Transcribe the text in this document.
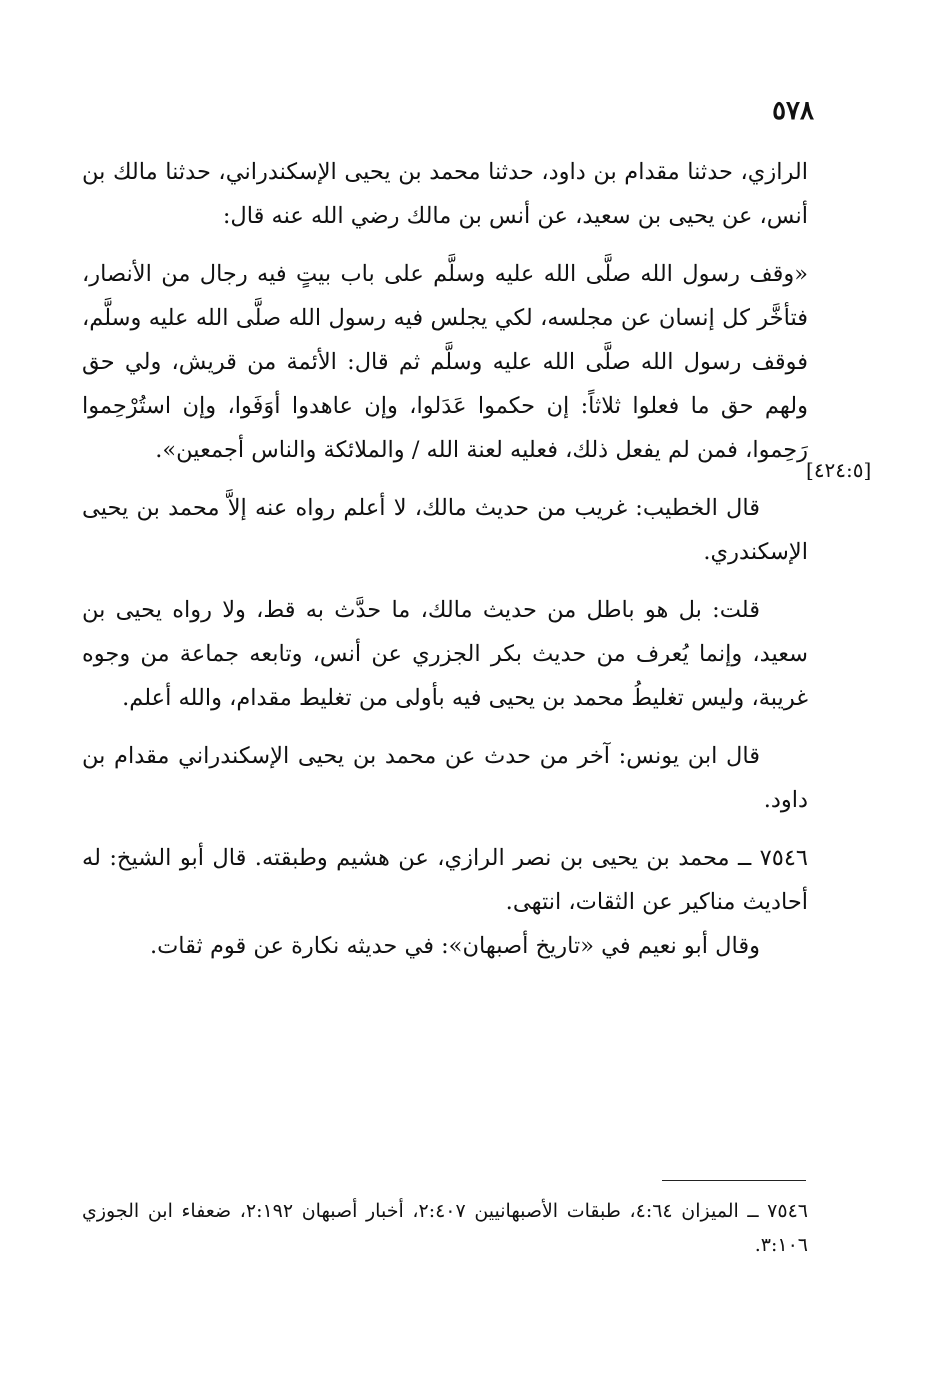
٥٧٨
[٤٢٤:٥]

الرازي، حدثنا مقدام بن داود، حدثنا محمد بن يحيى الإسكندراني، حدثنا مالك بن أنس، عن يحيى بن سعيد، عن أنس بن مالك رضي الله عنه قال:

«وقف رسول الله صلَّى الله عليه وسلَّم على باب بيتٍ فيه رجال من الأنصار، فتأخَّر كل إنسان عن مجلسه، لكي يجلس فيه رسول الله صلَّى الله عليه وسلَّم، فوقف رسول الله صلَّى الله عليه وسلَّم ثم قال: الأئمة من قريش، ولي حق ولهم حق ما فعلوا ثلاثاً: إن حكموا عَدَلوا، وإن عاهدوا أوَفَوا، وإن استُرْحِموا رَحِموا، فمن لم يفعل ذلك، فعليه لعنة الله / والملائكة والناس أجمعين».

قال الخطيب: غريب من حديث مالك، لا أعلم رواه عنه إلاَّ محمد بن يحيى الإسكندري.

قلت: بل هو باطل من حديث مالك، ما حدَّث به قط، ولا رواه يحيى بن سعيد، وإنما يُعرف من حديث بكر الجزري عن أنس، وتابعه جماعة من وجوه غريبة، وليس تغليطُ محمد بن يحيى فيه بأولى من تغليط مقدام، والله أعلم.

قال ابن يونس: آخر من حدث عن محمد بن يحيى الإسكندراني مقدام بن داود.

٧٥٤٦ ــ محمد بن يحيى بن نصر الرازي، عن هشيم وطبقته. قال أبو الشيخ: له أحاديث مناكير عن الثقات، انتهى.

وقال أبو نعيم في «تاريخ أصبهان»: في حديثه نكارة عن قوم ثقات.

٧٥٤٦ ــ الميزان ٤:٦٤، طبقات الأصبهانيين ٢:٤٠٧، أخبار أصبهان ٢:١٩٢، ضعفاء ابن الجوزي ٣:١٠٦.
